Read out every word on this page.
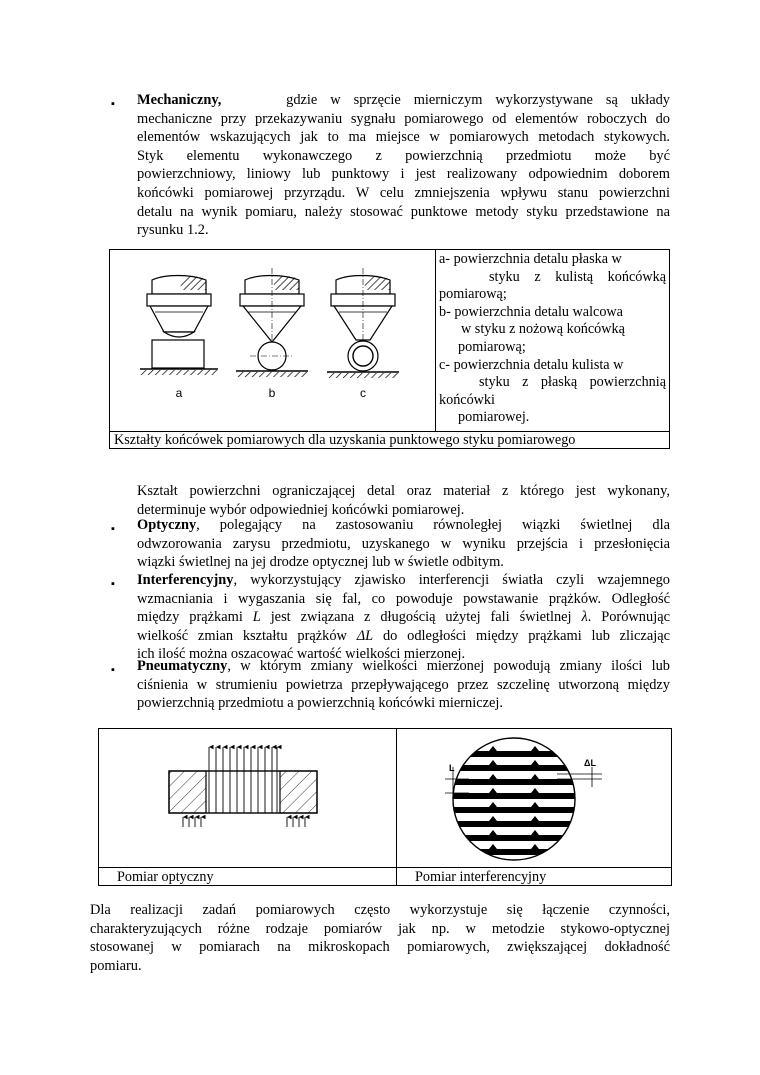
▪ Mechaniczny,	gdzie w sprzęcie mierniczym wykorzystywane są układy
mechaniczne przy przekazywaniu sygnału pomiarowego od elementów roboczych do
elementów wskazujących jak to ma miejsce w pomiarowych metodach stykowych.
Styk elementu wykonawczego z powierzchnią przedmiotu może być
powierzchniowy, liniowy lub punktowy i jest realizowany odpowiednim doborem
końcówki pomiarowej przyrządu. W celu zmniejszenia wpływu stanu powierzchni
detalu na wynik pomiaru, należy stosować punktowe metody styku przedstawione na
rysunku 1.2.
a	b	c

a- powierzchnia detalu płaska w
styku z kulistą końcówką
pomiarową;
b- powierzchnia detalu walcowa
w styku z nożową końcówką
pomiarową;
c- powierzchnia detalu kulista w
styku z płaską powierzchnią
końcówki
pomiarowej.

Kształty końcówek pomiarowych dla uzyskania punktowego styku pomiarowego
Kształt powierzchni ograniczającej detal oraz materiał z którego jest wykonany,
determinuje wybór odpowiedniej końcówki pomiarowej.
▪ Optyczny, polegający na zastosowaniu równoległej wiązki świetlnej dla
odwzorowania zarysu przedmiotu, uzyskanego w wyniku przejścia i przesłonięcia
wiązki świetlnej na jej drodze optycznej lub w świetle odbitym.
▪ Interferencyjny, wykorzystujący zjawisko interferencji światła czyli wzajemnego
wzmacniania i wygaszania się fal, co powoduje powstawanie prążków. Odległość
między prążkami L jest związana z długością użytej fali świetlnej λ. Porównując
wielkość zmian kształtu prążków ΔL do odległości między prążkami lub zliczając
ich ilość można oszacować wartość wielkości mierzonej.
▪ Pneumatyczny, w którym zmiany wielkości mierzonej powodują zmiany ilości lub
ciśnienia w strumieniu powietrza przepływającego przez szczelinę utworzoną między
powierzchnią przedmiotu a powierzchnią końcówki mierniczej.

L ΔL

Pomiar optyczny	Pomiar interferencyjny
Dla realizacji zadań pomiarowych często wykorzystuje się łączenie czynności,
charakteryzujących różne rodzaje pomiarów jak np. w metodzie stykowo-optycznej
stosowanej w pomiarach na mikroskopach pomiarowych, zwiększającej dokładność
pomiaru.
